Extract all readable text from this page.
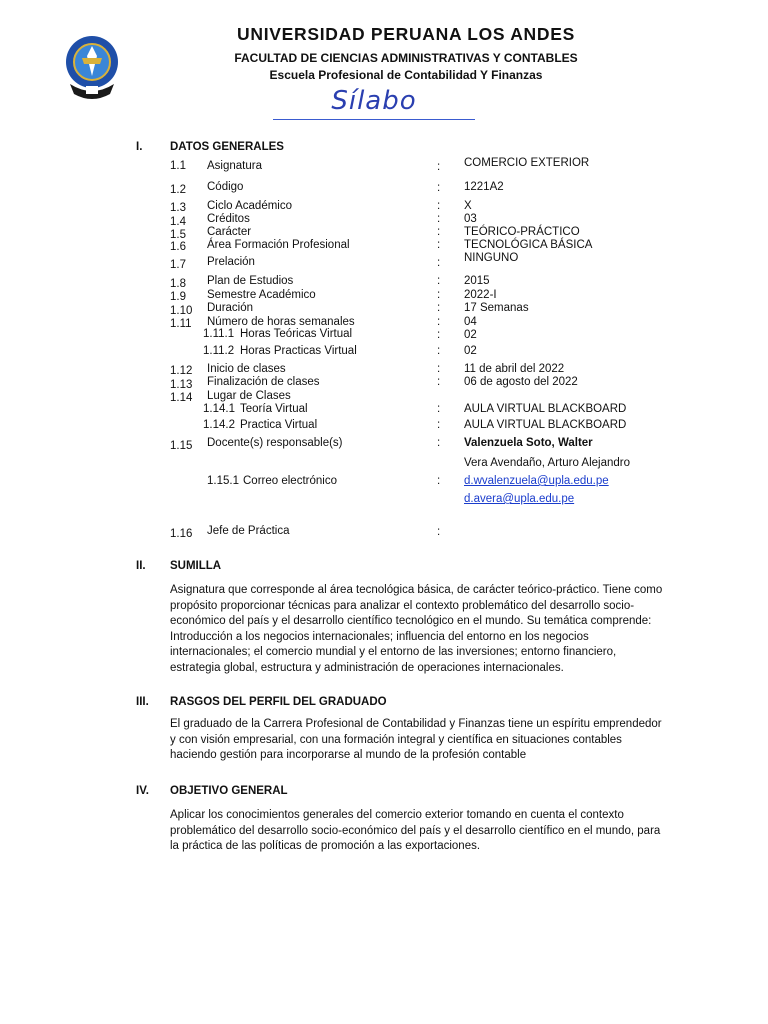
UNIVERSIDAD PERUANA LOS ANDES
FACULTAD DE CIENCIAS ADMINISTRATIVAS Y CONTABLES
Escuela Profesional de Contabilidad Y Finanzas
Sílabo
I. DATOS GENERALES
1.1 Asignatura	: COMERCIO EXTERIOR
1.2 Código	: 1221A2
1.3 Ciclo Académico	: X
1.4 Créditos	: 03
1.5 Carácter	: TEÓRICO-PRÁCTICO
1.6 Área Formación Profesional	: TECNOLÓGICA BÁSICA
1.7 Prelación	: NINGUNO
1.8 Plan de Estudios	: 2015
1.9 Semestre Académico	: 2022-I
1.10 Duración	: 17 Semanas
1.11 Número de horas semanales	: 04
1.11.1 Horas Teóricas Virtual	: 02
1.11.2 Horas Practicas Virtual	: 02
1.12 Inicio de clases	: 11 de abril del 2022
1.13 Finalización de clases	: 06 de agosto del 2022
1.14 Lugar de Clases
1.14.1 Teoría Virtual	: AULA VIRTUAL BLACKBOARD
1.14.2 Practica Virtual	: AULA VIRTUAL BLACKBOARD
1.15 Docente(s) responsable(s)	: Valenzuela Soto, Walter
Vera Avendaño, Arturo Alejandro
1.15.1 Correo electrónico	: d.wvalenzuela@upla.edu.pe
d.avera@upla.edu.pe
1.16 Jefe de Práctica	:
II. SUMILLA
Asignatura que corresponde al área tecnológica básica, de carácter teórico-práctico. Tiene como
propósito proporcionar técnicas para analizar el contexto problemático del desarrollo socio-
económico del país y el desarrollo científico tecnológico en el mundo. Su temática comprende:
Introducción a los negocios internacionales; influencia del entorno en los negocios
internacionales; el comercio mundial y el entorno de las inversiones; entorno financiero,
estrategia global, estructura y administración de operaciones internacionales.
III. RASGOS DEL PERFIL DEL GRADUADO
El graduado de la Carrera Profesional de Contabilidad y Finanzas tiene un espíritu emprendedor
y con visión empresarial, con una formación integral y científica en situaciones contables
haciendo gestión para incorporarse al mundo de la profesión contable
IV. OBJETIVO GENERAL
Aplicar los conocimientos generales del comercio exterior tomando en cuenta el contexto
problemático del desarrollo socio-económico del país y el desarrollo científico en el mundo, para
la práctica de las políticas de promoción a las exportaciones.
